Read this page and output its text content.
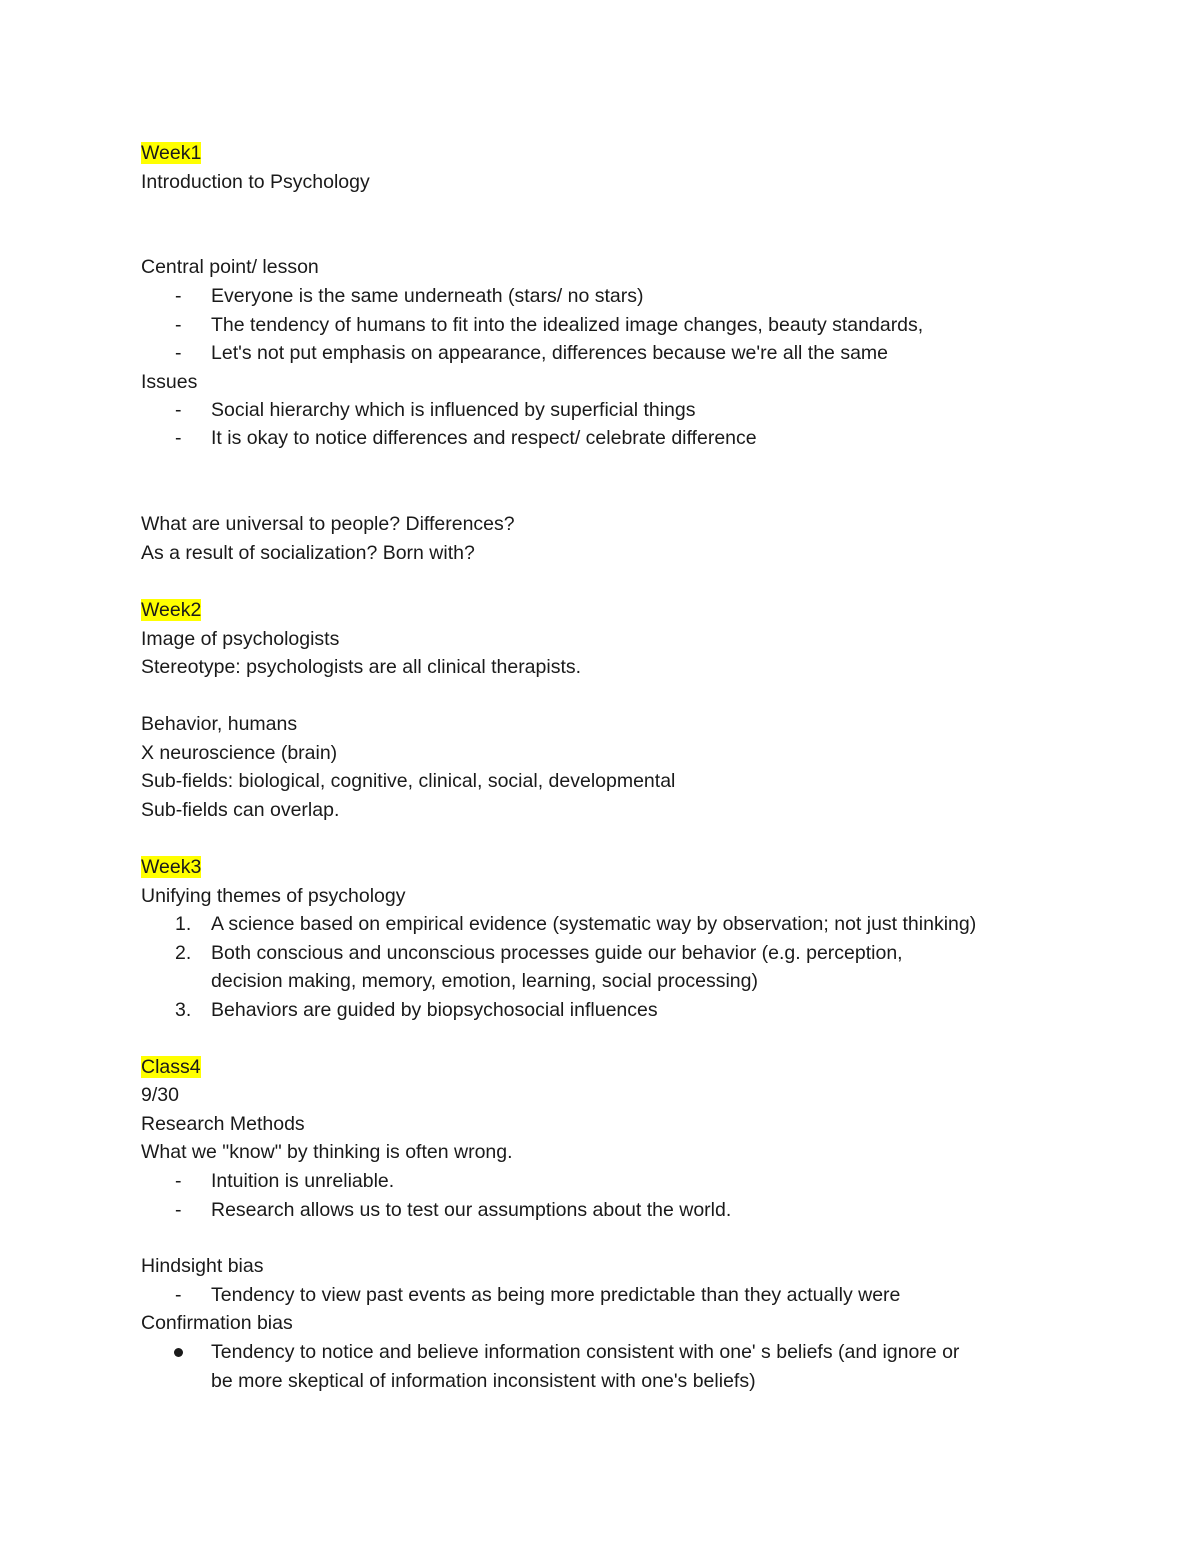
Week1
Introduction to Psychology
Central point/ lesson
-	Everyone is the same underneath (stars/ no stars)
-	The tendency of humans to fit into the idealized image changes, beauty standards,
-	Let's not put emphasis on appearance, differences because we're all the same
Issues
-	Social hierarchy which is influenced by superficial things
-	It is okay to notice differences and respect/ celebrate difference
What are universal to people? Differences?
As a result of socialization? Born with?
Week2
Image of psychologists
Stereotype: psychologists are all clinical therapists.
Behavior, humans
X neuroscience (brain)
Sub-fields: biological, cognitive, clinical, social, developmental
Sub-fields can overlap.
Week3
Unifying themes of psychology
1.	A science based on empirical evidence (systematic way by observation; not just thinking)
2.	Both conscious and unconscious processes guide our behavior (e.g. perception,
decision making, memory, emotion, learning, social processing)
3.	Behaviors are guided by biopsychosocial influences
Class4
9/30
Research Methods
What we "know" by thinking is often wrong.
-	Intuition is unreliable.
-	Research allows us to test our assumptions about the world.
Hindsight bias
-	Tendency to view past events as being more predictable than they actually were
Confirmation bias
Tendency to notice and believe information consistent with one' s beliefs (and ignore or
be more skeptical of information inconsistent with one's beliefs)
